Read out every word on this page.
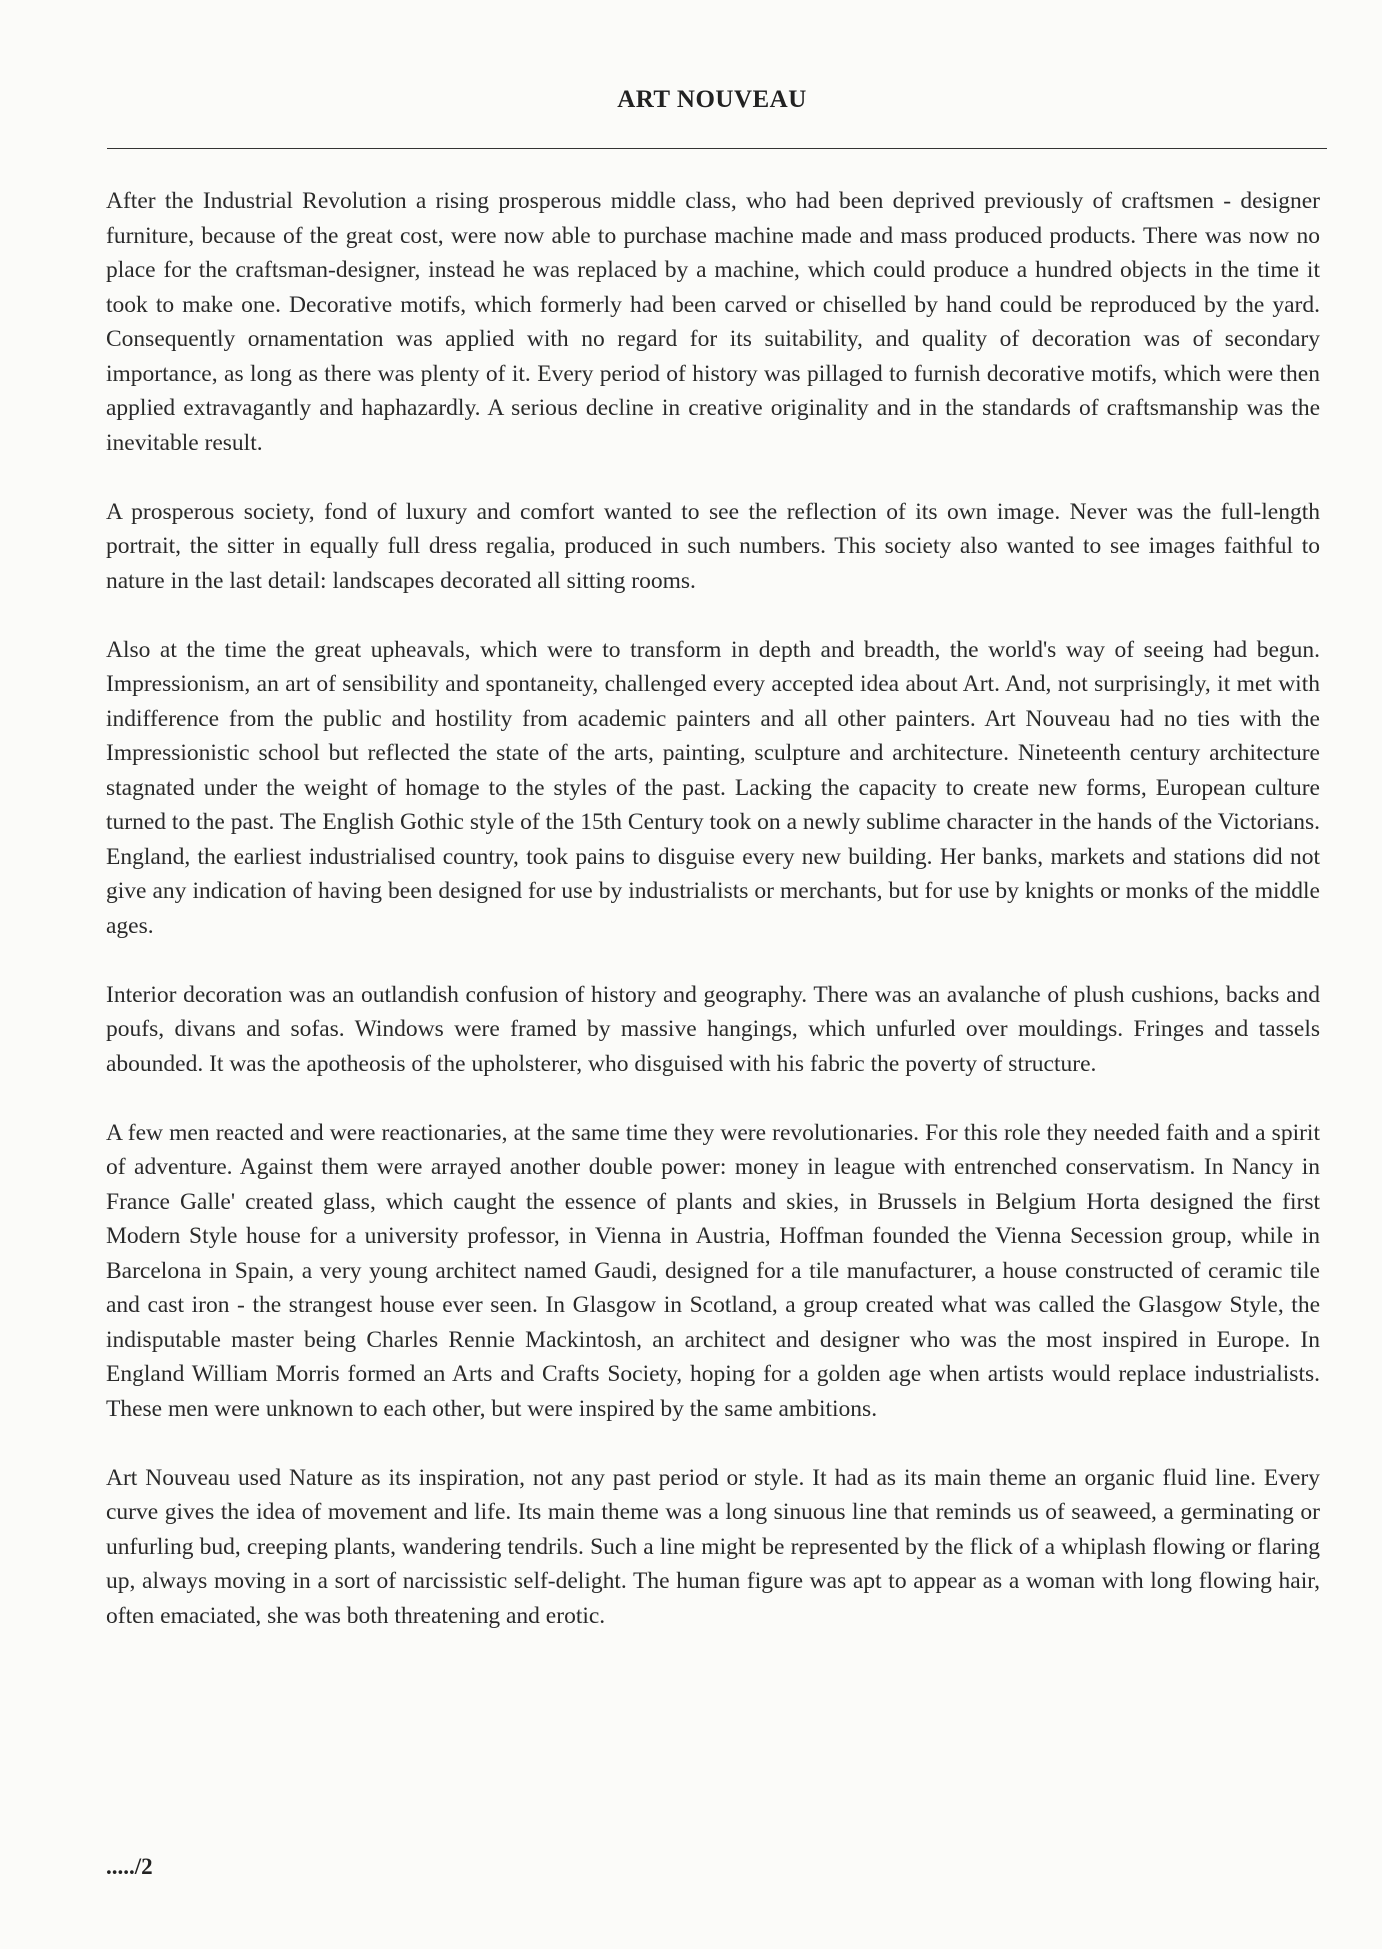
ART NOUVEAU

After the Industrial Revolution a rising prosperous middle class, who had been deprived previously of craftsmen - designer furniture, because of the great cost, were now able to purchase machine made and mass produced products. There was now no place for the craftsman-designer, instead he was replaced by a machine, which could produce a hundred objects in the time it took to make one. Decorative motifs, which formerly had been carved or chiselled by hand could be reproduced by the yard. Consequently ornamentation was applied with no regard for its suitability, and quality of decoration was of secondary importance, as long as there was plenty of it. Every period of history was pillaged to furnish decorative motifs, which were then applied extravagantly and haphazardly. A serious decline in creative originality and in the standards of craftsmanship was the inevitable result.

A prosperous society, fond of luxury and comfort wanted to see the reflection of its own image. Never was the full-length portrait, the sitter in equally full dress regalia, produced in such numbers. This society also wanted to see images faithful to nature in the last detail: landscapes decorated all sitting rooms.

Also at the time the great upheavals, which were to transform in depth and breadth, the world's way of seeing had begun. Impressionism, an art of sensibility and spontaneity, challenged every accepted idea about Art. And, not surprisingly, it met with indifference from the public and hostility from academic painters and all other painters. Art Nouveau had no ties with the Impressionistic school but reflected the state of the arts, painting, sculpture and architecture. Nineteenth century architecture stagnated under the weight of homage to the styles of the past. Lacking the capacity to create new forms, European culture turned to the past. The English Gothic style of the 15th Century took on a newly sublime character in the hands of the Victorians. England, the earliest industrialised country, took pains to disguise every new building. Her banks, markets and stations did not give any indication of having been designed for use by industrialists or merchants, but for use by knights or monks of the middle ages.

Interior decoration was an outlandish confusion of history and geography. There was an avalanche of plush cushions, backs and poufs, divans and sofas. Windows were framed by massive hangings, which unfurled over mouldings. Fringes and tassels abounded. It was the apotheosis of the upholsterer, who disguised with his fabric the poverty of structure.

A few men reacted and were reactionaries, at the same time they were revolutionaries. For this role they needed faith and a spirit of adventure. Against them were arrayed another double power: money in league with entrenched conservatism. In Nancy in France Galle' created glass, which caught the essence of plants and skies, in Brussels in Belgium Horta designed the first Modern Style house for a university professor, in Vienna in Austria, Hoffman founded the Vienna Secession group, while in Barcelona in Spain, a very young architect named Gaudi, designed for a tile manufacturer, a house constructed of ceramic tile and cast iron - the strangest house ever seen. In Glasgow in Scotland, a group created what was called the Glasgow Style, the indisputable master being Charles Rennie Mackintosh, an architect and designer who was the most inspired in Europe. In England William Morris formed an Arts and Crafts Society, hoping for a golden age when artists would replace industrialists. These men were unknown to each other, but were inspired by the same ambitions.

Art Nouveau used Nature as its inspiration, not any past period or style. It had as its main theme an organic fluid line. Every curve gives the idea of movement and life. Its main theme was a long sinuous line that reminds us of seaweed, a germinating or unfurling bud, creeping plants, wandering tendrils. Such a line might be represented by the flick of a whiplash flowing or flaring up, always moving in a sort of narcissistic self-delight. The human figure was apt to appear as a woman with long flowing hair, often emaciated, she was both threatening and erotic.

...../2
